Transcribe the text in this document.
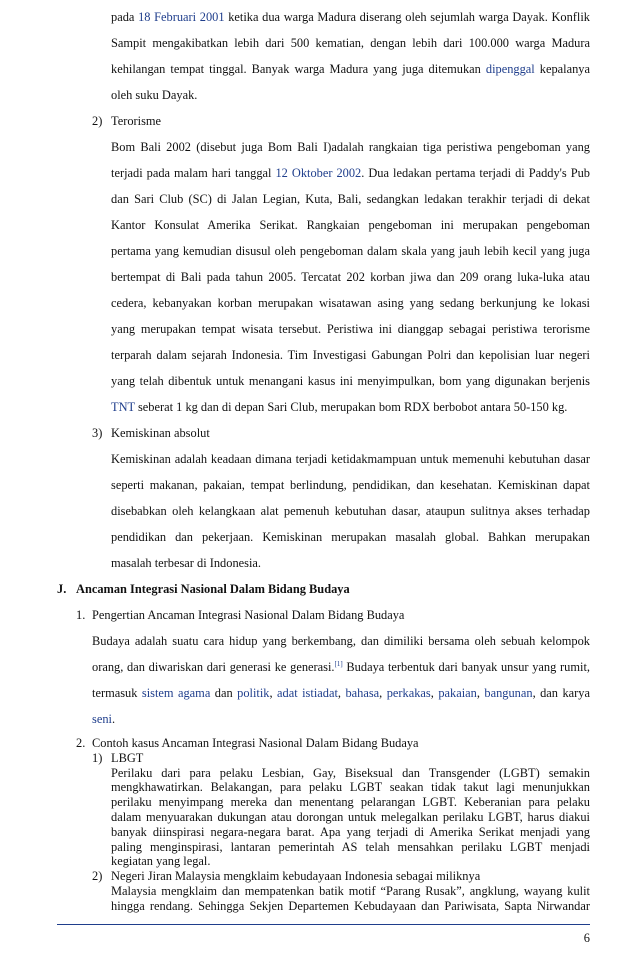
pada 18 Februari 2001 ketika dua warga Madura diserang oleh sejumlah warga Dayak. Konflik
Sampit mengakibatkan lebih dari 500 kematian, dengan lebih dari 100.000 warga Madura
kehilangan tempat tinggal. Banyak warga Madura yang juga ditemukan dipenggal kepalanya
oleh suku Dayak.
2) Terorisme
Bom Bali 2002 (disebut juga Bom Bali I)adalah rangkaian tiga peristiwa pengeboman yang
terjadi pada malam hari tanggal 12 Oktober 2002. Dua ledakan pertama terjadi di Paddy's Pub
dan Sari Club (SC) di Jalan Legian, Kuta, Bali, sedangkan ledakan terakhir terjadi di dekat
Kantor Konsulat Amerika Serikat. Rangkaian pengeboman ini merupakan pengeboman
pertama yang kemudian disusul oleh pengeboman dalam skala yang jauh lebih kecil yang juga
bertempat di Bali pada tahun 2005. Tercatat 202 korban jiwa dan 209 orang luka-luka atau
cedera, kebanyakan korban merupakan wisatawan asing yang sedang berkunjung ke lokasi
yang merupakan tempat wisata tersebut. Peristiwa ini dianggap sebagai peristiwa terorisme
terparah dalam sejarah Indonesia. Tim Investigasi Gabungan Polri dan kepolisian luar negeri
yang telah dibentuk untuk menangani kasus ini menyimpulkan, bom yang digunakan berjenis
TNT seberat 1 kg dan di depan Sari Club, merupakan bom RDX berbobot antara 50-150 kg.
3) Kemiskinan absolut
Kemiskinan adalah keadaan dimana terjadi ketidakmampuan untuk memenuhi kebutuhan dasar
seperti makanan, pakaian, tempat berlindung, pendidikan, dan kesehatan. Kemiskinan dapat
disebabkan oleh kelangkaan alat pemenuh kebutuhan dasar, ataupun sulitnya akses terhadap
pendidikan dan pekerjaan. Kemiskinan merupakan masalah global. Bahkan merupakan
masalah terbesar di Indonesia.
J. Ancaman Integrasi Nasional Dalam Bidang Budaya
1. Pengertian Ancaman Integrasi Nasional Dalam Bidang Budaya
Budaya adalah suatu cara hidup yang berkembang, dan dimiliki bersama oleh sebuah kelompok
orang, dan diwariskan dari generasi ke generasi.[1] Budaya terbentuk dari banyak unsur yang rumit,
termasuk sistem agama dan politik, adat istiadat, bahasa, perkakas, pakaian, bangunan, dan karya
seni.
2. Contoh kasus Ancaman Integrasi Nasional Dalam Bidang Budaya
1) LBGT
Perilaku dari para pelaku Lesbian, Gay, Biseksual dan Transgender (LGBT) semakin
mengkhawatirkan. Belakangan, para pelaku LGBT seakan tidak takut lagi menunjukkan
perilaku menyimpang mereka dan menentang pelarangan LGBT. Keberanian para pelaku
dalam menyuarakan dukungan atau dorongan untuk melegalkan perilaku LGBT, harus diakui
banyak diinspirasi negara-negara barat. Apa yang terjadi di Amerika Serikat menjadi yang
6
paling menginspirasi, lantaran pemerintah AS telah mensahkan perilaku LGBT menjadi
kegiatan yang legal.
2) Negeri Jiran Malaysia mengklaim kebudayaan Indonesia sebagai miliknya
Malaysia mengklaim dan mempatenkan batik motif “Parang Rusak”, angklung, wayang kulit
hingga rendang. Sehingga Sekjen Departemen Kebudayaan dan Pariwisata, Sapta Nirwandar
